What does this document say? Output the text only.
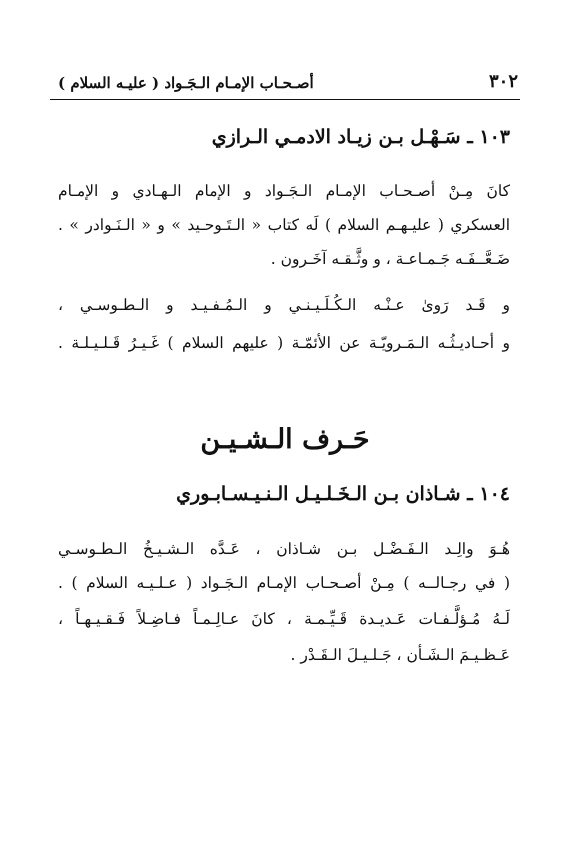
٣٠٢
أصـحـاب الإمـام الـجَـواد ( عليـه السلام )
١٠٣ ـ سَـهْـل بـن زيـاد الادمـي الـرازي
كانَ مِـنْ أصـحـاب الإمـام الـجَـواد و الإمام الـهـادي و الإمـام
العسكري ( عليـهـم السلام ) لَه كتاب « الـتَـوحـيد » و « الـنَـوادر » .
ضَـعَّــفَـه جَـمـاعـة ، و وثَّـقـه آخَـرون .
و قَـد رَوىٰ عـنْـه الـكُـلَـيـنـي و الـمُـفـيـد و الـطـوسـي ،
و أحـاديـثُـه الـمَـرويّـة عن الأئمّـة ( عليهم السلام ) غَـيـرُ قَـلـيـلـة .
حَـرف الـشـيـن
١٠٤ ـ شـاذان بـن الـخَـلـيـل الـنـيـسـابـوري
هُـوَ والِـد الـفَـضْـل بـن شـاذان ، عَـدَّه الـشـيـخُ الـطـوسـي
( في رجـالــه ) مِـنْ أصـحـاب الإمـام الـجَـواد ( عـلـيـه السلام ) .
لَـهُ مُـؤلَّـفـات عَـديـدة قَـيِّـمـة ، كانَ عـالِـمـاً فـاضِـلاً فَـقـيـهـاً ،
عَـظـيـمَ الـشَـأن ، جَـلـيـلَ الـقَـدْر .
